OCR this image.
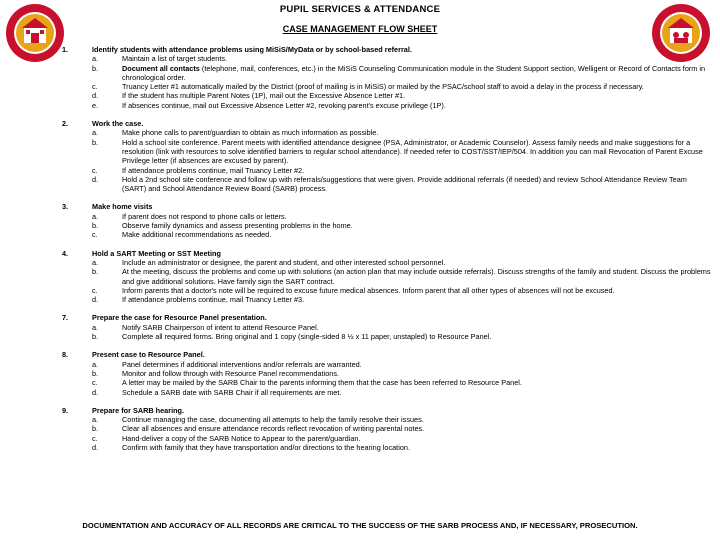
PUPIL SERVICES & ATTENDANCE
CASE MANAGEMENT FLOW SHEET
1.	Identify students with attendance problems using MiSiS/MyData or by school-based referral.
a.	Maintain a list of target students.
b.	Document all contacts (telephone, mail, conferences, etc.) in the MiSiS Counseling Communication module in the Student Support section, Welligent or Record of Contacts form in chronological order.
c.	Truancy Letter #1 automatically mailed by the District (proof of mailing is in MiSiS) or mailed by the PSAC/school staff to avoid a delay in the process if necessary.
d.	If the student has multiple Parent Notes (1P), mail out the Excessive Absence Letter #1.
e.	If absences continue, mail out Excessive Absence Letter #2, revoking parent's excuse privilege (1P).
2.	Work the case.
a.	Make phone calls to parent/guardian to obtain as much information as possible.
b.	Hold a school site conference. Parent meets with identified attendance designee (PSA, Administrator, or Academic Counselor). Assess family needs and make suggestions for a resolution (link with resources to solve identified barriers to regular school attendance). If needed refer to COST/SST/IEP/504. In addition you can mail Revocation of Parent Excuse Privilege letter (if absences are excused by parent).
c.	If attendance problems continue, mail Truancy Letter #2.
d.	Hold a 2nd school site conference and follow up with referrals/suggestions that were given. Provide additional referrals (if needed) and review School Attendance Review Team (SART) and School Attendance Review Board (SARB) process.
3.	Make home visits
a.	If parent does not respond to phone calls or letters.
b.	Observe family dynamics and assess presenting problems in the home.
c.	Make additional recommendations as needed.
4.	Hold a SART Meeting or SST Meeting
a.	Include an administrator or designee, the parent and student, and other interested school personnel.
b.	At the meeting, discuss the problems and come up with solutions (an action plan that may include outside referrals). Discuss strengths of the family and student. Discuss the problems and give additional solutions. Have family sign the SART contract.
c.	Inform parents that a doctor's note will be required to excuse future medical absences. Inform parent that all other types of absences will not be excused.
d.	If attendance problems continue, mail Truancy Letter #3.
7.	Prepare the case for Resource Panel presentation.
a.	Notify SARB Chairperson of intent to attend Resource Panel.
b.	Complete all required forms. Bring original and 1 copy (single-sided 8 ½ x 11 paper, unstapled) to Resource Panel.
8.	Present case to Resource Panel.
a.	Panel determines if additional interventions and/or referrals are warranted.
b.	Monitor and follow through with Resource Panel recommendations.
c.	A letter may be mailed by the SARB Chair to the parents informing them that the case has been referred to Resource Panel.
d.	Schedule a SARB date with SARB Chair if all requirements are met.
9.	Prepare for SARB hearing.
a.	Continue managing the case, documenting all attempts to help the family resolve their issues.
b.	Clear all absences and ensure attendance records reflect revocation of writing parental notes.
c.	Hand-deliver a copy of the SARB Notice to Appear to the parent/guardian.
d.	Confirm with family that they have transportation and/or directions to the hearing location.
DOCUMENTATION AND ACCURACY OF ALL RECORDS ARE CRITICAL TO THE SUCCESS OF THE SARB PROCESS AND, IF NECESSARY, PROSECUTION.
